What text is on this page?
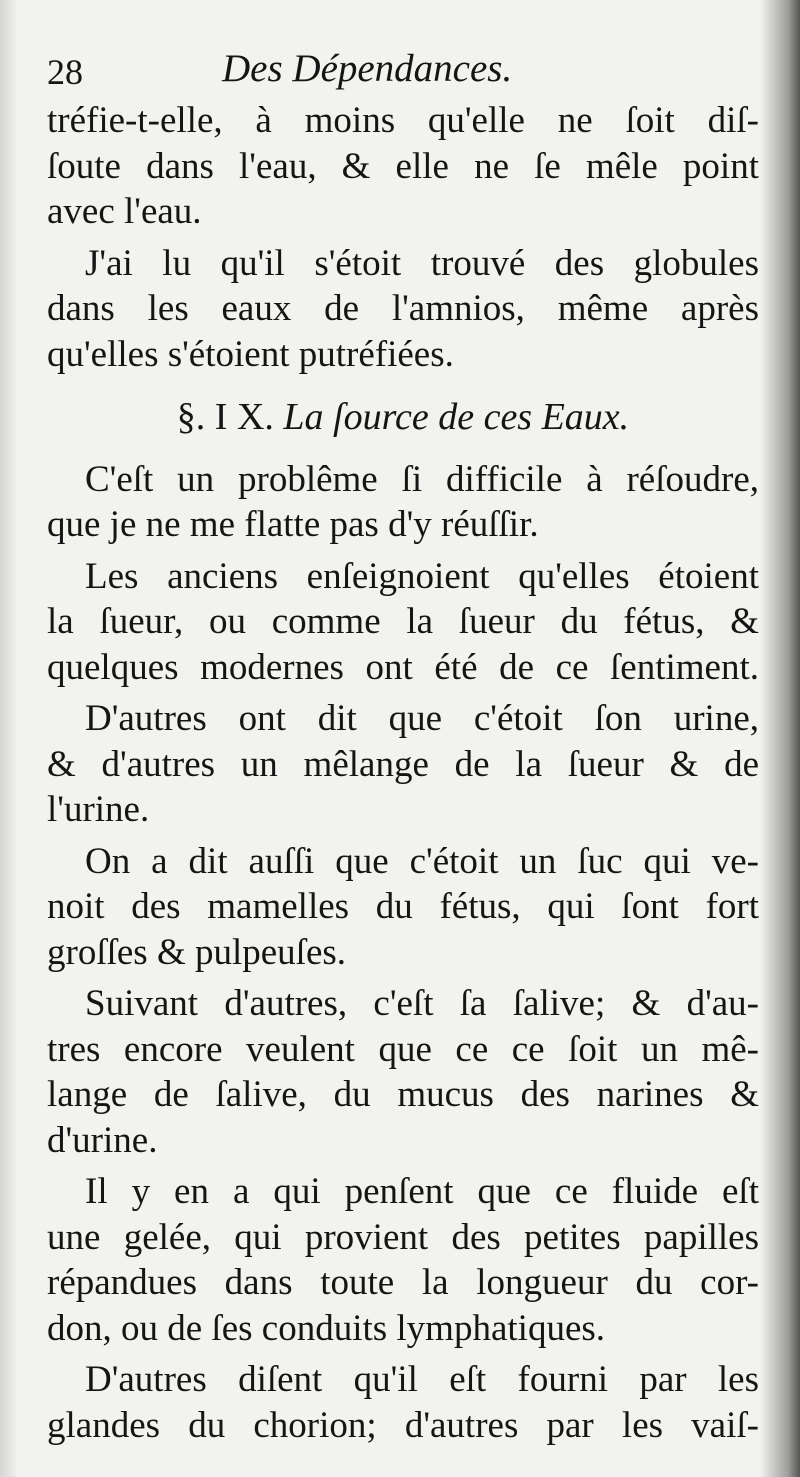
28	Des Dépendances.
tréfie-t-elle, à moins qu'elle ne ſoit diſ-
ſoute dans l'eau, & elle ne ſe mêle point
avec l'eau.
J'ai lu qu'il s'étoit trouvé des globules
dans les eaux de l'amnios, même après
qu'elles s'étoient putréfiées.
§. I X. La ſource de ces Eaux.
C'eſt un problême ſi difficile à réſoudre,
que je ne me flatte pas d'y réuſſir.
Les anciens enſeignoient qu'elles étoient
la ſueur, ou comme la ſueur du fétus, &
quelques modernes ont été de ce ſentiment.
D'autres ont dit que c'étoit ſon urine,
& d'autres un mêlange de la ſueur & de
l'urine.
On a dit auſſi que c'étoit un ſuc qui ve-
noit des mamelles du fétus, qui ſont fort
groſſes & pulpeuſes.
Suivant d'autres, c'eſt ſa ſalive; & d'au-
tres encore veulent que ce ce ſoit un mê-
lange de ſalive, du mucus des narines &
d'urine.
Il y en a qui penſent que ce fluide eſt
une gelée, qui provient des petites papilles
répandues dans toute la longueur du cor-
don, ou de ſes conduits lymphatiques.
D'autres diſent qu'il eſt fourni par les
glandes du chorion; d'autres par les vaiſ-
